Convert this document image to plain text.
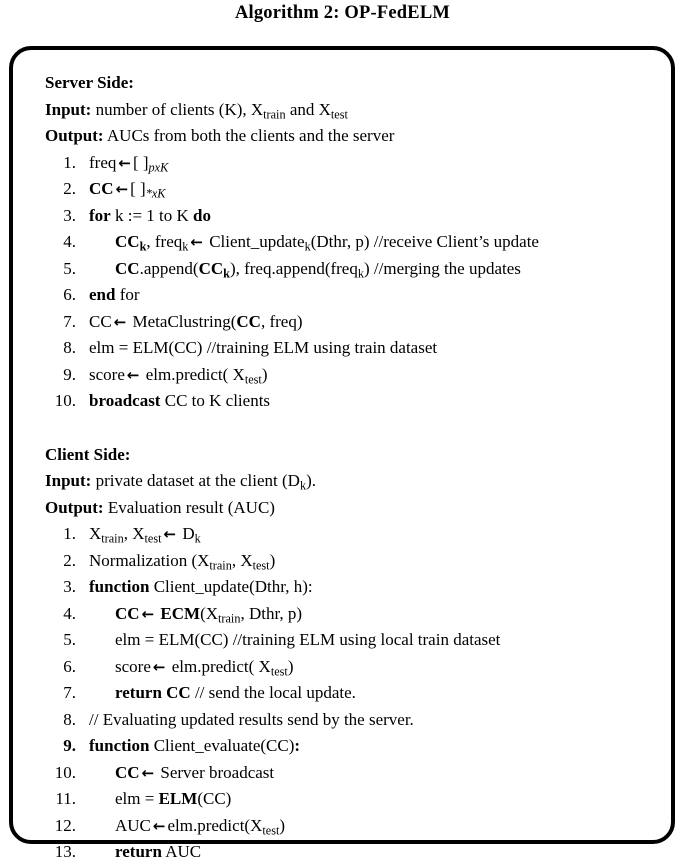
Algorithm 2: OP-FedELM
Server Side:
Input: number of clients (K), $X_{train}$ and $X_{test}$
Output: AUCs from both the clients and the server
1. freq ← [ ]$_{pxK}$
2. CC ← [ ]$_{*xK}$
3. for k := 1 to K do
4.	$CC_k$, freq$_k$ ← Client_update$_k$(Dthr, p) //receive Client’s update
5.	$CC.append(CC_k)$, freq.append(freq$_k$) //merging the updates
6. end for
7. CC ← MetaClustring(CC, freq)
8. elm = ELM(CC) //training ELM using train dataset
9. score ← elm.predict( $X_{test}$)
10. broadcast CC to K clients
Client Side:
Input: private dataset at the client $(D_k)$.
Output: Evaluation result (AUC)
1. $X_{train}$, $X_{test}$ ← $D_k$
2. Normalization ($X_{train}$, $X_{test}$)
3. function Client_update(Dthr, h):
4.	CC ← $ECM(X_{train}$, Dthr, p)
5.	elm = ELM(CC) //training ELM using local train dataset
6.	score ← elm.predict( $X_{test}$)
7.	return CC // send the local update.
8. // Evaluating updated results send by the server.
9. function Client_evaluate(CC):
10.	CC ← Server broadcast
11.	elm = ELM(CC)
12.	AUC ← $elm.predict(X_{test})$
13.	return AUC
